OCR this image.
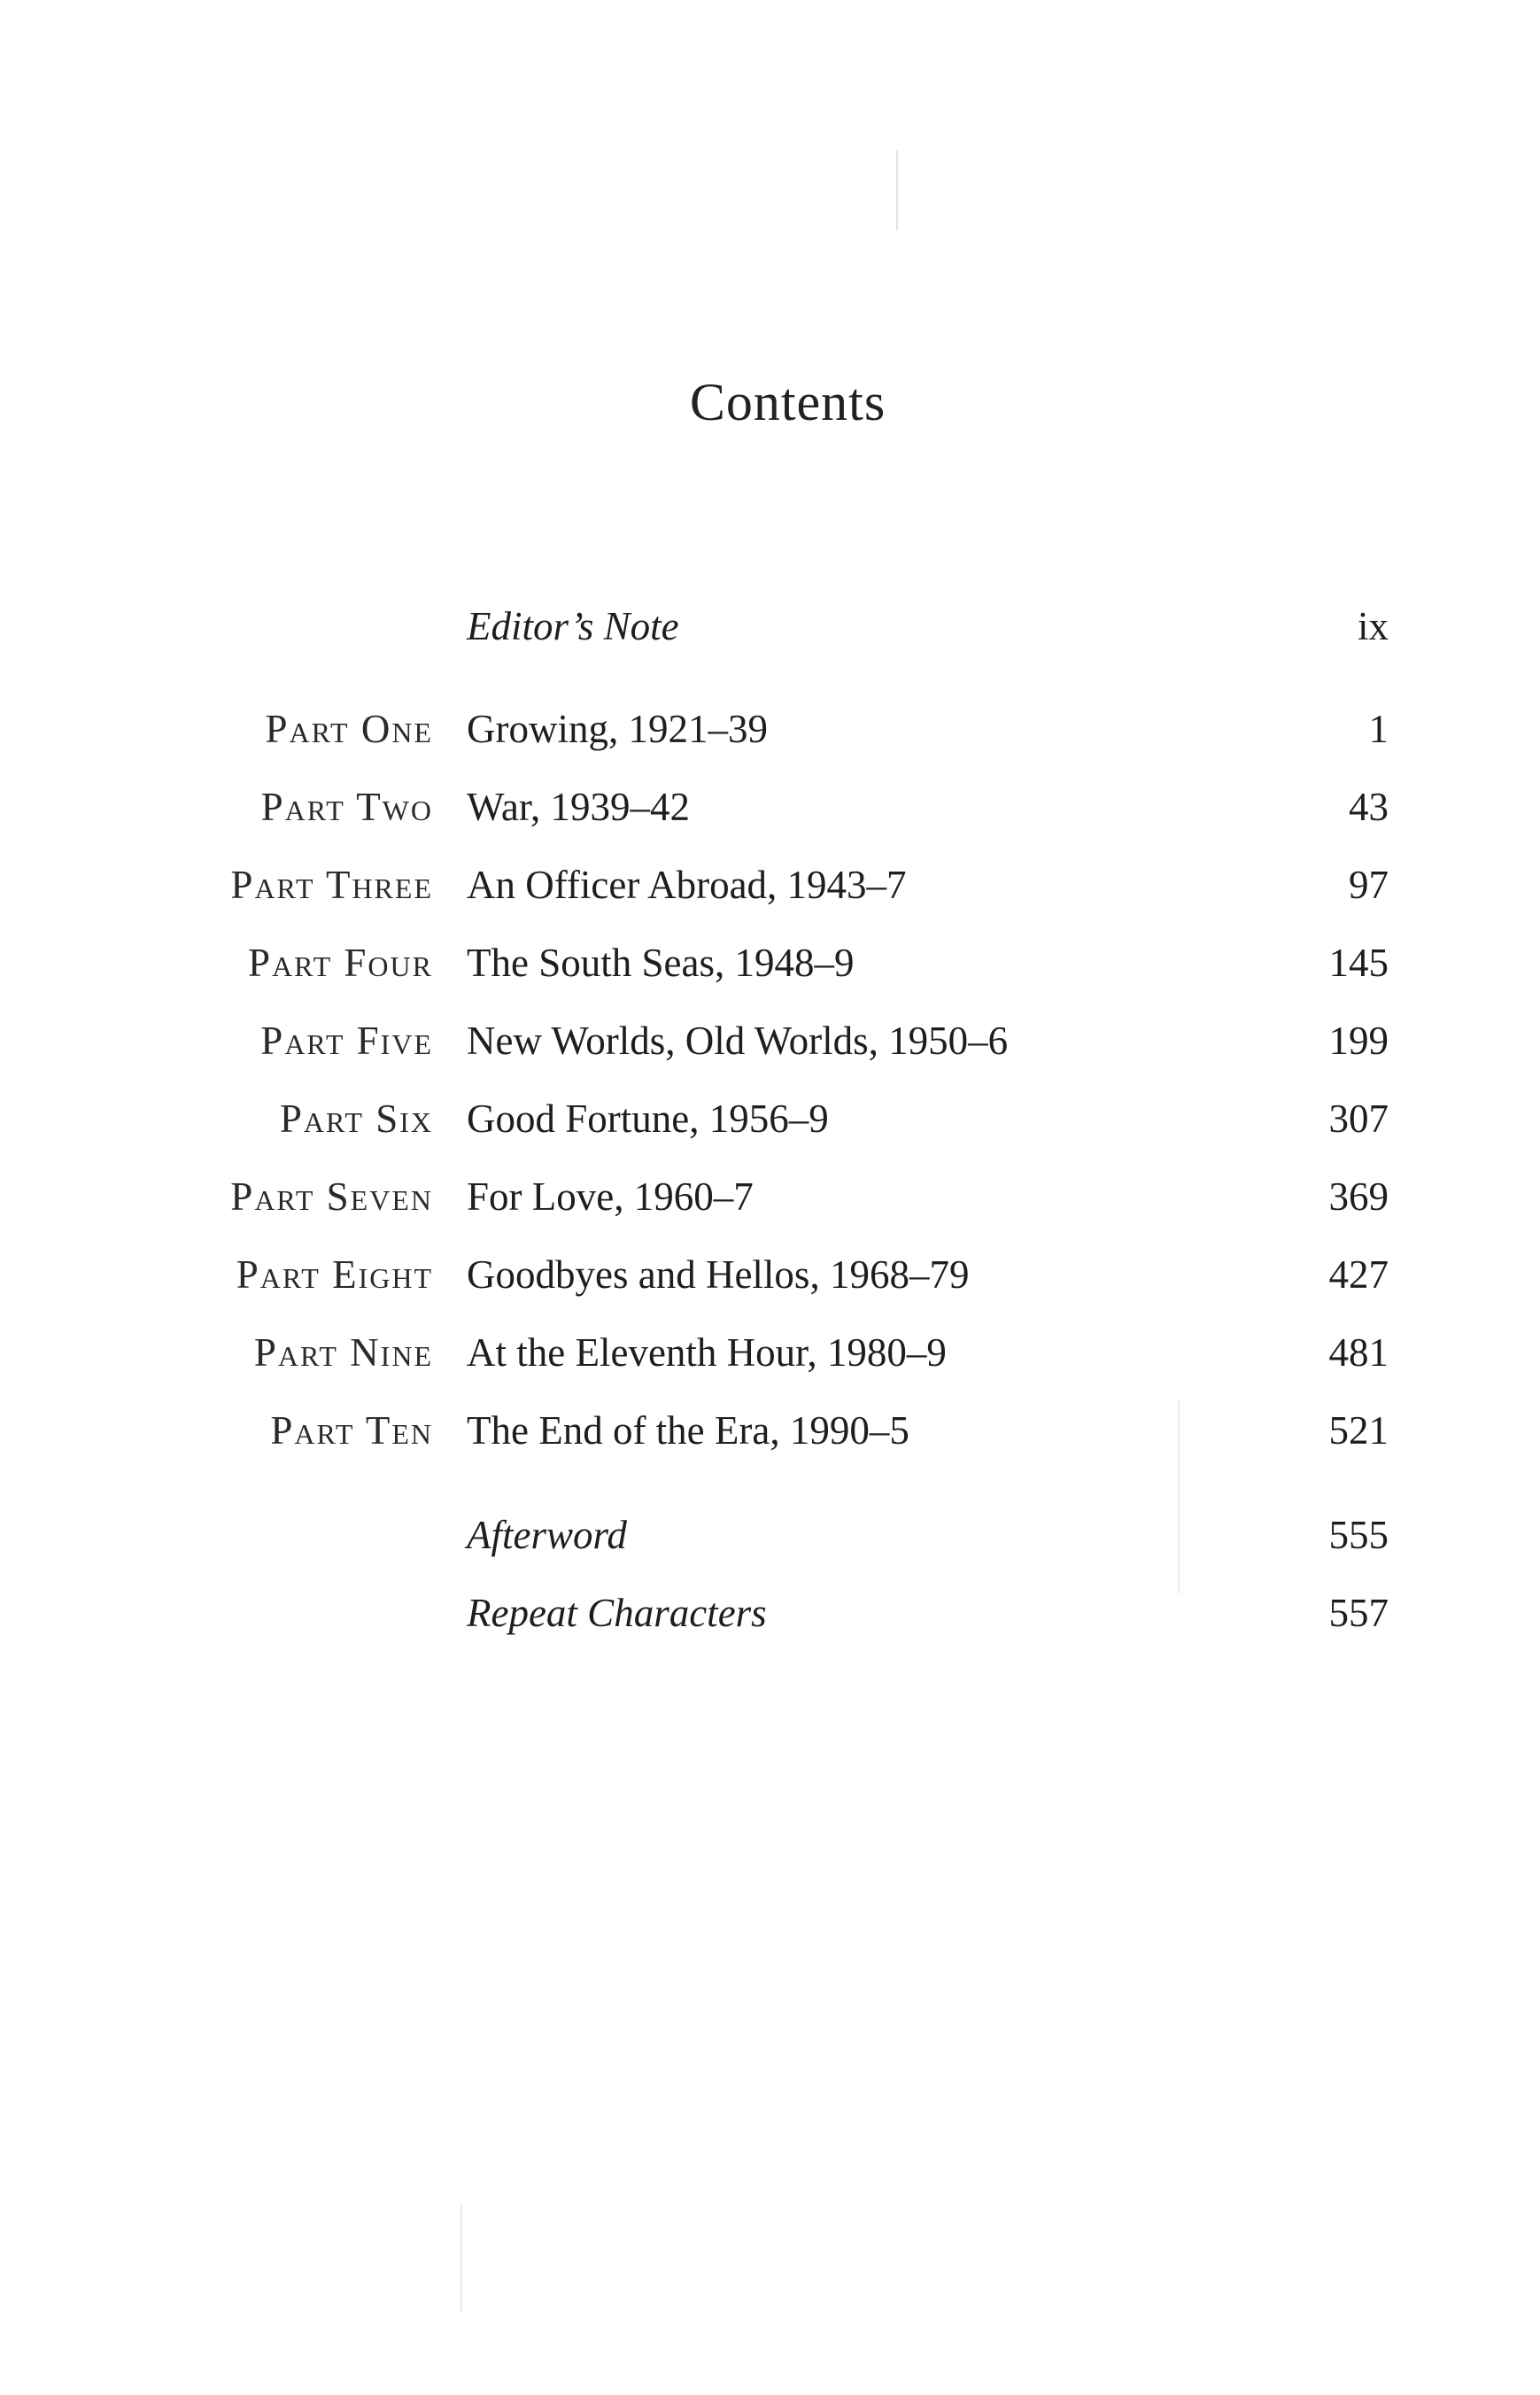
Contents
Editor’s Note	ix
Part One Growing, 1921–39	1
Part Two War, 1939–42	43
Part Three An Officer Abroad, 1943–7	97
Part Four The South Seas, 1948–9	145
Part Five New Worlds, Old Worlds, 1950–6	199
Part Six Good Fortune, 1956–9	307
Part Seven For Love, 1960–7	369
Part Eight Goodbyes and Hellos, 1968–79	427
Part Nine At the Eleventh Hour, 1980–9	481
Part Ten The End of the Era, 1990–5	521
Afterword	555
Repeat Characters	557
